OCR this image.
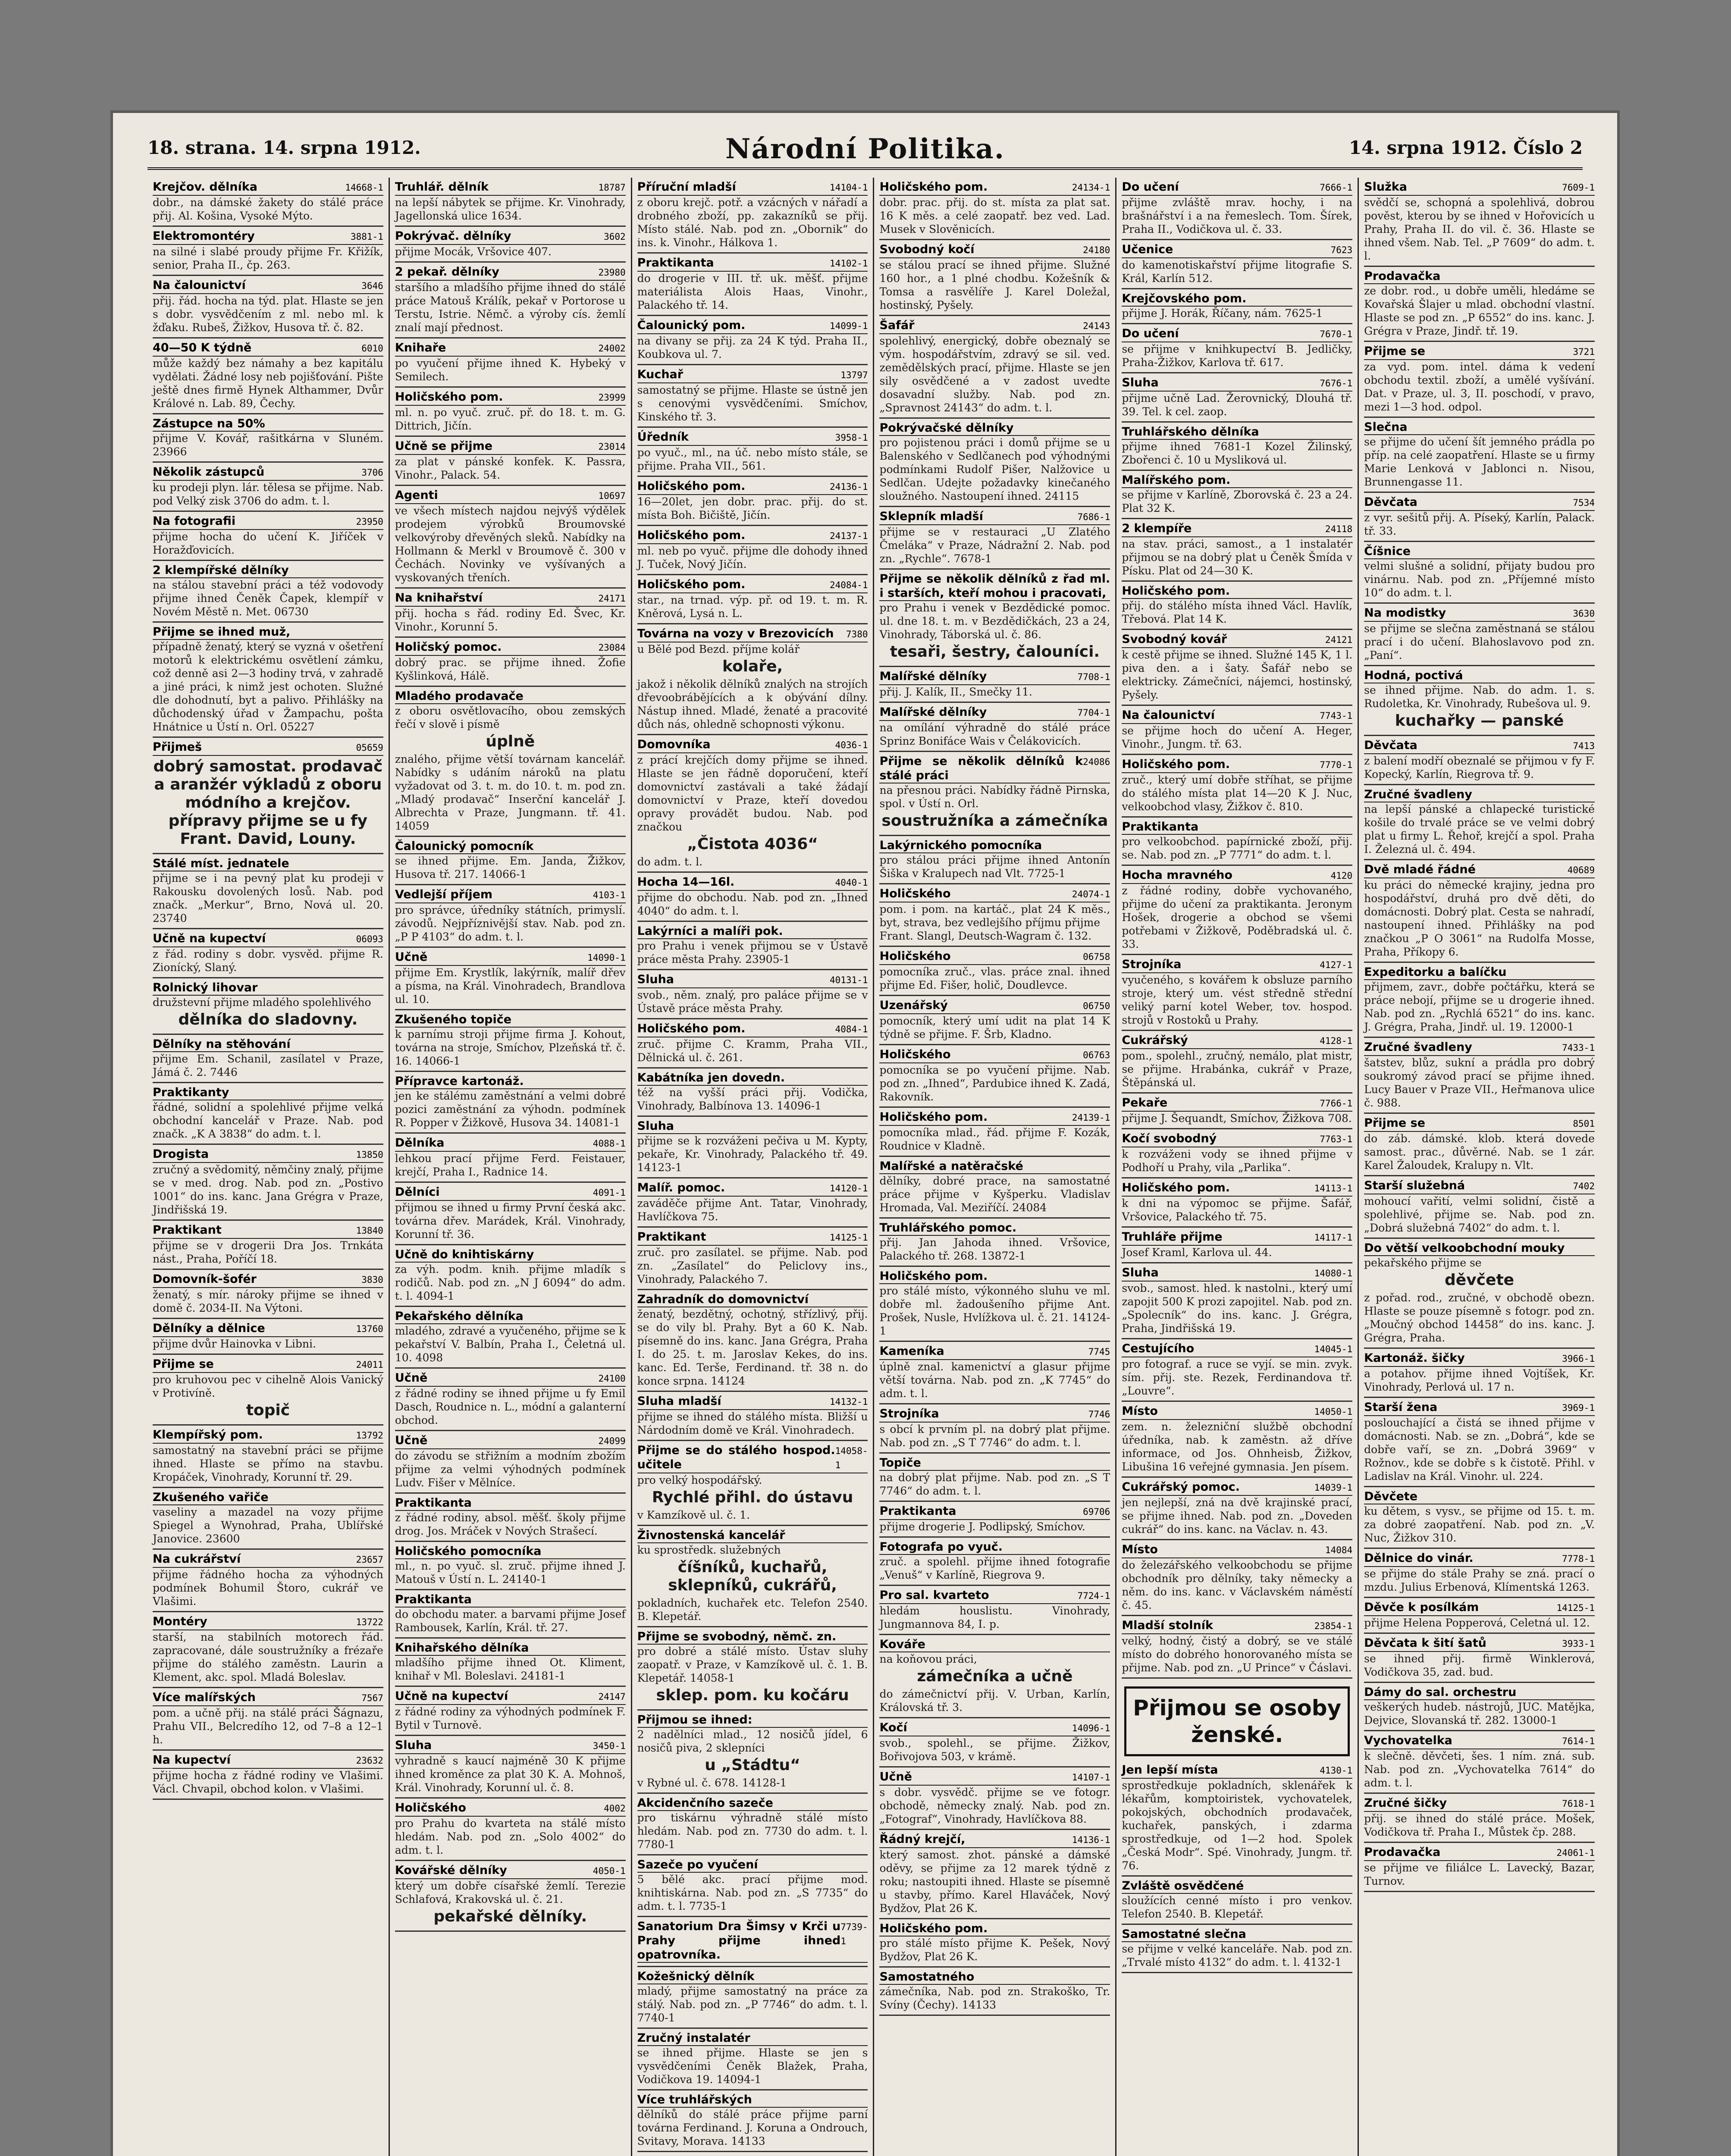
18. strana. 14. srpna 1912.	Národní Politika.	14. srpna 1912. Číslo 2
Krejčov. dělníka	14668-1
dobr., na dámské žakety do stálé práce přij. Al. Košina, Vysoké Mýto.
Elektromontéry	3881-1
na silné i slabé proudy přijme Fr. Křižík, senior, Praha II., čp. 263.
Na čalounictví	3646
přij. řád. hocha na týd. plat. Hlaste se jen s dobr. vysvědčením z ml. nebo ml. k žďaku. Rubeš, Žižkov, Husova tř. č. 82.
40—50 K týdně	6010
může každý bez námahy a bez kapitálu vydělati. Žádné losy neb pojišťování. Pište ještě dnes firmě Hynek Althammer, Dvůr Králové n. Lab. 89, Čechy.
Zástupce na 50%
přijme V. Kovář, rašitkárna v Sluném. 23966
Několik zástupců	3706
ku prodeji plyn. lár. tělesa se přijme. Nab. pod Velký zisk 3706 do adm. t. l.
Na fotografii	23950
přijme hocha do učení K. Jiříček v Horažďovicích.
2 klempířské dělníky
na stálou stavební práci a též vodovody přijme ihned Čeněk Čapek, klempíř v Novém Městě n. Met. 06730
Přijme se ihned muž,
případně ženatý, který se vyzná v ošetření motorů k elektrickému osvětlení zámku, což denně asi 2—3 hodiny trvá, v zahradě a jiné práci, k nimž jest ochoten. Služné dle dohodnutí, byt a palivo. Přihlášky na důchodenský úřad v Žampachu, pošta Hnátnice u Ústí n. Orl. 05227
Přijmeš	05659
dobrý samostat. prodavač a aranžér výkladů z oboru módního a krejčov. přípravy přijme se u fy Frant. David, Louny.
Stálé míst. jednatele
přijme se i na pevný plat ku prodeji v Rakousku dovolených losů. Nab. pod značk. „Merkur“, Brno, Nová ul. 20. 23740
Učně na kupectví	06093
z řád. rodiny s dobr. vysvěd. přijme R. Zionícký, Slaný.
Rolnický lihovar
družstevní přijme mladého spolehlivého
dělníka do sladovny.
Dělníky na stěhování
přijme Em. Schanil, zasílatel v Praze, Jámá č. 2. 7446
Praktikanty
řádné, solidní a spolehlivé přijme velká obchodní kancelář v Praze. Nab. pod značk. „K A 3838“ do adm. t. l.
Drogista	13850
zručný a svědomitý, němčiny znalý, přijme se v med. drog. Nab. pod zn. „Postivo 1001“ do ins. kanc. Jana Grégra v Praze, Jindřišská 19.
Praktikant	13840
přijme se v drogerii Dra Jos. Trnkáta nást., Praha, Poříčí 18.
Domovník-šofér	3830
ženatý, s mír. nároky přijme se ihned v domě č. 2034-II. Na Výtoni.
Dělníky a dělnice	13760
přijme dvůr Hainovka v Libni.
Přijme se	24011
pro kruhovou pec v cihelně Alois Vanický v Protivíně.
topič
Klempířský pom.	13792
samostatný na stavební práci se přijme ihned. Hlaste se přímo na stavbu. Kropáček, Vinohrady, Korunní tř. 29.
Zkušeného vařiče
vaseliny a mazadel na vozy přijme Spiegel a Wynohrad, Praha, Ublířské Janovice. 23600
Na cukrářství	23657
přijme řádného hocha za výhodných podmínek Bohumil Štoro, cukrář ve Vlašimi.
Montéry	13722
starší, na stabilních motorech řád. zapracované, dále soustružníky a frézaře přijme do stálého zaměstn. Laurin a Klement, akc. spol. Mladá Boleslav.
Více malířských	7567
pom. a učně přij. na stálé práci Šágnazu, Prahu VII., Belcredího 12, od 7–8 a 12–1 h.
Na kupectví	23632
přijme hocha z řádné rodiny ve Vlašimi. Václ. Chvapil, obchod kolon. v Vlašimi.
Truhlář. dělník	18787
na lepší nábytek se přijme. Kr. Vinohrady, Jagellonská ulice 1634.
Pokrývač. dělníky	3602
přijme Mocák, Vršovice 407.
2 pekař. dělníky	23980
staršího a mladšího přijme ihned do stálé práce Matouš Králík, pekař v Portorose u Terstu, Istrie. Němč. a výroby cís. žemlí znalí mají přednost.
Knihaře	24002
po vyučení přijme ihned K. Hybeký v Semilech.
Holičského pom.	23999
ml. n. po vyuč. zruč. př. do 18. t. m. G. Dittrich, Jičín.
Učně se přijme	23014
za plat v pánské konfek. K. Passra, Vinohr., Palack. 54.
Agenti	10697
ve všech místech najdou nejvýš výdělek prodejem výrobků Broumovské velkovýroby dřevěných sleků. Nabídky na Hollmann & Merkl v Broumově č. 300 v Čechách. Novinky ve vyšívaných a vyskovaných třeních.
Na knihařství	24171
přij. hocha s řád. rodiny Ed. Švec, Kr. Vinohr., Korunní 5.
Holičský pomoc.	23084
dobrý prac. se přijme ihned. Žofie Kyšlinková, Hálě.
Mladého prodavače
z oboru osvětlovacího, obou zemských řečí v slově i písmě
úplně
znalého, přijme větší továrnam kancelář. Nabídky s udáním nároků na platu vyžadovat od 3. t. m. do 10. t. m. pod zn. „Mladý prodavač“ Inserční kancelář J. Albrechta v Praze, Jungmann. tř. 41. 14059
Čalounický pomocník
se ihned přijme. Em. Janda, Žižkov, Husova tř. 217. 14066-1
Vedlejší příjem	4103-1
pro správce, úředníky státních, primyslí. závodů. Nejpříznivější stav. Nab. pod zn. „P P 4103“ do adm. t. l.
Učně	14090-1
přijme Em. Krystlík, lakýrník, malíř dřev a písma, na Král. Vinohradech, Brandlova ul. 10.
Zkušeného topiče
k parnímu stroji přijme firma J. Kohout, továrna na stroje, Smíchov, Plzeňská tř. č. 16. 14066-1
Přípravce kartonáž.
jen ke stálému zaměstnání a velmi dobré pozici zaměstnání za výhodn. podmínek R. Popper v Žižkově, Husova 34. 14081-1
Dělníka	4088-1
lehkou prací přijme Ferd. Feistauer, krejčí, Praha I., Radnice 14.
Dělníci	4091-1
přijmou se ihned u firmy První česká akc. továrna dřev. Marádek, Král. Vinohrady, Korunní tř. 36.
Učně do knihtiskárny
za výh. podm. knih. přijme mladík s rodičů. Nab. pod zn. „N J 6094“ do adm. t. l. 4094-1
Pekařského dělníka
mladého, zdravé a vyučeného, přijme se k pekařství V. Balbín, Praha I., Čeletná ul. 10. 4098
Učně	24100
z řádné rodiny se ihned přijme u fy Emil Dasch, Roudnice n. L., módní a galanterní obchod.
Učně	24099
do závodu se střižním a modním zbožím přijme za velmi výhodných podmínek Ludv. Fišer v Mělníce.
Praktikanta
z řádné rodiny, absol. měšť. školy přijme drog. Jos. Mráček v Nových Strašecí.
Holičského pomocníka
ml., n. po vyuč. sl. zruč. přijme ihned J. Matouš v Ústí n. L. 24140-1
Praktikanta
do obchodu mater. a barvami přijme Josef Rambousek, Karlín, Král. tř. 27.
Knihařského dělníka
mladšího přijme ihned Ot. Kliment, knihař v Ml. Boleslavi. 24181-1
Učně na kupectví	24147
z řádné rodiny za výhodných podmínek F. Bytil v Turnově.
Sluha	3450-1
vyhradně s kaucí najméně 30 K přijme ihned kroměnce za plat 30 K. A. Mohnoš, Král. Vinohrady, Korunní ul. č. 8.
Holičského	4002
pro Prahu do kvarteta na stálé místo hledám. Nab. pod zn. „Solo 4002“ do adm. t. l.
Kovářské dělníky	4050-1
který um dobře císařské žemlí. Terezie Schlafová, Krakovská ul. č. 21.
pekařské dělníky.
Příruční mladší	14104-1
z oboru krejč. potř. a vzácných v nářadí a drobného zboží, pp. zakazníků se přij. Místo stálé. Nab. pod zn. „Obornik“ do ins. k. Vinohr., Hálkova 1.
Praktikanta	14102-1
do drogerie v III. tř. uk. měšť. přijme materiálista Alois Haas, Vinohr., Palackého tř. 14.
Čalounický pom.	14099-1
na divany se přij. za 24 K týd. Praha II., Koubkova ul. 7.
Kuchař	13797
samostatný se přijme. Hlaste se ústně jen s cenovými vysvědčeními. Smíchov, Kinského tř. 3.
Úředník	3958-1
po vyuč., ml., na úč. nebo místo stále, se přijme. Praha VII., 561.
Holičského pom.	24136-1
16—20let, jen dobr. prac. přij. do st. místa Boh. Bičiště, Jičín.
Holičského pom.	24137-1
ml. neb po vyuč. přijme dle dohody ihned J. Tuček, Nový Jičín.
Holičského pom.	24084-1
star., na trnad. výp. př. od 19. t. m. R. Kněrová, Lysá n. L.
Továrna na vozy v Brezovicích 7380
u Bělé pod Bezd. příjme kolář
kolaře,
jakož i několik dělníků znalých na strojích dřevoobrábějících a k obývání dílny. Nástup ihned. Mladé, ženaté a pracovité důch nás, ohledně schopnosti výkonu.
Domovníka	4036-1
z prácí krejčích domy přijme se ihned. Hlaste se jen řádně doporučení, kteří domovnictví zastávali a také žádají domovnictví v Praze, kteří dovedou opravy provádět budou. Nab. pod značkou
„Čistota 4036“
do adm. t. l.
Hocha 14—16l.	4040-1
přijme do obchodu. Nab. pod zn. „Ihned 4040“ do adm. t. l.
Lakýrníci a malíři pok.
pro Prahu i venek přijmou se v Ústavě práce města Prahy. 23905-1
Sluha	40131-1
svob., něm. znalý, pro paláce přijme se v Ústavě práce města Prahy.
Holičského pom.	4084-1
zruč. přijme C. Kramm, Praha VII., Dělnická ul. č. 261.
Kabátníka jen dovedn.
též na vyšší práci přij. Vodička, Vinohrady, Balbínova 13. 14096-1
Sluha
přijme se k rozváženi pečiva u M. Kypty, pekaře, Kr. Vinohrady, Palackého tř. 49. 14123-1
Malíř. pomoc.	14120-1
zaváděče přijme Ant. Tatar, Vinohrady, Havlíčkova 75.
Praktikant	14125-1
zruč. pro zasílatel. se přijme. Nab. pod zn. „Zasílatel“ do Peliclovy ins., Vinohrady, Palackého 7.
Zahradník do domovnictví
ženatý, bezdětný, ochotný, střízlivý, přij. se do vily bl. Prahy. Byt a 60 K. Nab. písemně do ins. kanc. Jana Grégra, Praha I. do 25. t. m. Jaroslav Kekes, do ins. kanc. Ed. Terše, Ferdinand. tř. 38 n. do konce srpna. 14124
Sluha mladší	14132-1
přijme se ihned do stálého místa. Bližší u Nárdodním domě ve Král. Vinohradech.
Přijme se do stálého hospod. učitele
14058-1
pro velký hospodářský.
Rychlé přihl. do ústavu
v Kamzíkově ul. č. 1.
Živnostenská kancelář
ku sprostředk. služebných
číšníků, kuchařů, sklepníků, cukrářů,
pokladních, kuchařek etc. Telefon 2540. B. Klepetář.
Přijme se svobodný, němč. zn.
pro dobré a stálé místo. Ústav sluhy zaopatř. v Praze, v Kamzíkově ul. č. 1. B. Klepetář. 14058-1
sklep. pom. ku kočáru
Přijmou se ihned:
2 nadělníci mlad., 12 nosičů jídel, 6 nosičů piva, 2 sklepníci
u „Stádtu“
v Rybné ul. č. 678. 14128-1
Akcidenčního sazeče
pro tiskárnu výhradně stálé místo hledám. Nab. pod zn. 7730 do adm. t. l. 7780-1
Sazeče po vyučení
5 bělé akc. prací přijme mod. knihtiskárna. Nab. pod zn. „S 7735“ do adm. t. l. 7735-1
Sanatorium Dra Šimsy v Krči u Prahy přijme ihned opatrovníka.
7739-1
Kožešnický dělník
mladý, přijme samostatný na práce za stálý. Nab. pod zn. „P 7746“ do adm. t. l. 7740-1
Zručný instalatér
se ihned přijme. Hlaste se jen s vysvědčeními Čeněk Blažek, Praha, Vodičkova 19. 14094-1
Více truhlářských
dělníků do stálé práce přijme parní továrna Ferdinand. J. Koruna a Ondrouch, Svitavy, Morava. 14133
Holičského pom.	24134-1
dobr. prac. přij. do st. místa za plat sat. 16 K měs. a celé zaopatř. bez ved. Lad. Musek v Slověnicích.
Svobodný kočí	24180
se stálou prací se ihned přijme. Služné 160 hor., a 1 plné chodbu. Kožešník & Tomsa a rasvělíře J. Karel Doležal, hostinský, Pyšely.
Šafář	24143
spolehlivý, energický, dobře obeznalý se vým. hospodářstvím, zdravý se sil. ved. zemědělských prací, přijme. Hlaste se jen sily osvědčené a v zadost uvedte dosavadní služby. Nab. pod zn. „Spravnost 24143“ do adm. t. l.
Pokrývačské dělníky
pro pojistenou práci i domů přijme se u Balenského v Sedlčanech pod výhodnými podmínkami Rudolf Pišer, Nalžovice u Sedlčan. Udejte požadavky kinečaného sloužného. Nastoupení ihned. 24115
Sklepník mladší	7686-1
přijme se v restauraci „U Zlatého Čmeláka“ v Praze, Nádražní 2. Nab. pod zn. „Rychle“. 7678-1
Přijme se několik dělníků z řad ml. i starších, kteří mohou i pracovati,
pro Prahu i venek v Bezdědické pomoc. ul. dne 18. t. m. v Bezdědičkách, 23 a 24, Vinohrady, Táborská ul. č. 86.
tesaři, šestry, čalouníci.
Malířské dělníky	7708-1
přij. J. Kalík, II., Smečky 11.
Malířské dělníky	7704-1
na omílání výhradně do stálé práce Sprinz Bonifáce Wais v Čelákovicích.
Přijme se několik dělníků k stálé práci
24086
na přesnou práci. Nabídky řádně Pirnska, spol. v Ústí n. Orl.
soustružníka a zámečníka
Lakýrnického pomocníka
pro stálou práci přijme ihned Antonín Šiška v Kralupech nad Vlt. 7725-1
Holičského	24074-1
pom. i pom. na kartáč., plat 24 K měs., byt, strava, bez vedlejšího příjmu přijme
Frant. Slangl, Deutsch-Wagram č. 132.
Holičského	06758
pomocníka zruč., vlas. práce znal. ihned přijme Ed. Fišer, holič, Doudlevce.
Uzenářský	06750
pomocník, který umí udit na plat 14 K týdně se přijme. F. Šrb, Kladno.
Holičského	06763
pomocníka se po vyučení přijme. Nab. pod zn. „Ihned“, Pardubice ihned K. Zadá, Rakovník.
Holičského pom.	24139-1
pomocníka mlad., řád. přijme F. Kozák, Roudnice v Kladně.
Malířské a natěračské
dělníky, dobré prace, na samostatné práce přijme v Kyšperku. Vladislav Hromada, Val. Meziříčí. 24084
Truhlářského pomoc.
přij. Jan Jahoda ihned. Vršovice, Palackého tř. 268. 13872-1
Holičského pom.
pro stálé místo, výkonného sluhu ve ml. dobře ml. žadoušeního přijme Ant. Prošek, Nusle, Hvlížkova ul. č. 21. 14124-1
Kameníka	7745
úplně znal. kamenictví a glasur přijme větší továrna. Nab. pod zn. „K 7745“ do adm. t. l.
Strojníka	7746
s obcí k prvním pl. na dobrý plat přijme. Nab. pod zn. „S T 7746“ do adm. t. l.
Topiče
na dobrý plat přijme. Nab. pod zn. „S T 7746“ do adm. t. l.
Praktikanta	69706
přijme drogerie J. Podlipský, Smíchov.
Fotografa po vyuč.
zruč. a spolehl. přijme ihned fotografie „Venuš“ v Karlíně, Riegrova 9.
Pro sal. kvarteto	7724-1
hledám houslistu. Vinohrady, Jungmannova 84, I. p.
Kováře
na koňovou práci,
zámečníka a učně
do zámečnictví přij. V. Urban, Karlín, Královská tř. 3.
Kočí	14096-1
svob., spolehl., se přijme. Žižkov, Bořivojova 503, v krámě.
Učně	14107-1
s dobr. vysvědč. přijme se ve fotogr. obchodě, německy znalý. Nab. pod zn. „Fotograf“, Vinohrady, Havlíčkova 88.
Řádný krejčí,	14136-1
který samost. zhot. pánské a dámské oděvy, se přijme za 12 marek týdně z roku; nastoupiti ihned. Hlaste se písemně u stavby, přímo. Karel Hlaváček, Nový Bydžov, Plat 26 K.
Holičského pom.
pro stálé místo přijme K. Pešek, Nový Bydžov, Plat 26 K.
Samostatného
zámečníka, Nab. pod zn. Strakoško, Tr. Svíny (Čechy). 14133
Do učení	7666-1
přijme zvláště mrav. hochy, i na brašnářství i a na řemeslech. Tom. Šírek, Praha II., Vodičkova ul. č. 33.
Učenice	7623
do kamenotiskařství přijme litografie S. Král, Karlín 512.
Krejčovského pom.
přijme J. Horák, Říčany, nám. 7625-1
Do učení	7670-1
se přijme v knihkupectví B. Jedličky, Praha-Žižkov, Karlova tř. 617.
Sluha	7676-1
přijme učně Lad. Žerovnický, Dlouhá tř. 39. Tel. k cel. zaop.
Truhlářského dělníka
přijme ihned 7681-1 Kozel Žilinský, Zbořenci č. 10 u Mysliková ul.
Malířského pom.
se přijme v Karlíně, Zborovská č. 23 a 24. Plat 32 K.
2 klempíře	24118
na stav. práci, samost., a 1 instalatér přijmou se na dobrý plat u Čeněk Šmída v Písku. Plat od 24—30 K.
Holičského pom.
přij. do stálého místa ihned Václ. Havlík, Třebová. Plat 14 K.
Svobodný kovář	24121
k cestě přijme se ihned. Služné 145 K, 1 l. piva den. a i šaty. Šafář nebo se elektricky. Zámečníci, nájemci, hostinský, Pyšely.
Na čalounictví	7743-1
se přijme hoch do učení A. Heger, Vinohr., Jungm. tř. 63.
Holičského pom.	7770-1
zruč., který umí dobře stříhat, se přijme do stálého místa plat 14—20 K J. Nuc, velkoobchod vlasy, Žižkov č. 810.
Praktikanta
pro velkoobchod. papírnické zboží, přij. se. Nab. pod zn. „P 7771“ do adm. t. l.
Hocha mravného	4120
z řádné rodiny, dobře vychovaného, přijme do učení za praktikanta. Jeronym Hošek, drogerie a obchod se všemi potřebami v Žižkově, Poděbradská ul. č. 33.
Strojníka	4127-1
vyučeného, s kovářem k obsluze parního stroje, který um. vést středně střední veliký parní kotel Weber, tov. hospod. strojů v Rostoků u Prahy.
Cukrářský	4128-1
pom., spolehl., zručný, nemálo, plat mistr, se přijme. Hrabánka, cukrář v Praze, Štěpánská ul.
Pekaře	7766-1
přijme J. Šequandt, Smíchov, Žižkova 708.
Kočí svobodný	7763-1
k rozváženi vody se ihned přijme v Podhoří u Prahy, vila „Parlika“.
Holičského pom.	14113-1
k dni na výpomoc se přijme. Šafář, Vršovice, Palackého tř. 75.
Truhláře přijme	14117-1
Josef Kraml, Karlova ul. 44.
Sluha	14080-1
svob., samost. hled. k nastolni., který umí zapojit 500 K prozi zapojitel. Nab. pod zn. „Spolecník“ do ins. kanc. J. Grégra, Praha, Jindřišská 19.
Cestujícího	14045-1
pro fotograf. a ruce se vyjí. se min. zvyk. sím. přij. ste. Rezek, Ferdinandova tř. „Louvre“.
Místo	14050-1
zem. n. železniční službě obchodní úředníka, nab. k zaměstn. až dříve informace, od Jos. Ohnheisb, Žižkov, Libušina 16 veřejné gymnasia. Jen písem.
Cukrářský pomoc.	14039-1
jen nejlepší, zná na dvě krajinské prací, se přijme ihned. Nab. pod zn. „Doveden cukrář“ do ins. kanc. na Václav. n. 43.
Místo	14084
do železářského velkoobchodu se přijme obchodník pro dělníky, taky německy a něm. do ins. kanc. v Václavském náměstí č. 45.
Mladší stolník	23854-1
velký, hodný, čistý a dobrý, se ve stálé místo do dobrého honorovaného místa se přijme. Nab. pod zn. „U Prince“ v Čáslavi.
Přijmou se osoby ženské.
Jen lepší místa	4130-1
sprostředkuje pokladních, sklenářek k lékařům, komptoiristek, vychovatelek, pokojských, obchodních prodavaček, kuchařek, panských, i zdarma sprostředkuje, od 1—2 hod. Spolek „Česká Modr“. Spé. Vinohrady, Jungm. tř. 76.
Zvláště osvědčené
sloužících cenné místo i pro venkov. Telefon 2540. B. Klepetář.
Samostatné slečna
se přijme v velké kanceláře. Nab. pod zn. „Trvalé místo 4132“ do adm. t. l. 4132-1
Služka	7609-1
svědčí se, schopná a spolehlivá, dobrou pověst, kterou by se ihned v Hořovicích u Prahy, Praha II. do vil. č. 36. Hlaste se ihned všem. Nab. Tel. „P 7609“ do adm. t. l.
Prodavačka
ze dobr. rod., u dobře uměli, hledáme se Kovařská Šlajer u mlad. obchodní vlastní. Hlaste se pod zn. „P 6552“ do ins. kanc. J. Grégra v Praze, Jindř. tř. 19.
Přijme se	3721
za vyd. pom. intel. dáma k vedení obchodu textil. zboží, a umělé vyšívání. Dat. v Praze, ul. 3, II. poschodí, v pravo, mezi 1—3 hod. odpol.
Slečna
se přijme do učení šít jemného prádla po příp. na celé zaopatření. Hlaste se u firmy Marie Lenková v Jablonci n. Nisou, Brunnengasse 11.
Děvčata	7534
z vyr. sešitů přij. A. Píseký, Karlín, Palack. tř. 33.
Číšnice
velmi slušné a solidní, přijaty budou pro vinárnu. Nab. pod zn. „Příjemné místo 10“ do adm. t. l.
Na modistky	3630
se přijme se slečna zaměstnaná se stálou prací i do učení. Blahoslavovo pod zn. „Paní“.
Hodná, poctivá
se ihned přijme. Nab. do adm. 1. s. Rudoletka, Kr. Vinohrady, Rubešova ul. 9.
kuchařky — panské
Děvčata	7413
z balení modří obeznalé se přijmou v fy F. Kopecký, Karlín, Riegrova tř. 9.
Zručné švadleny
na lepší pánské a chlapecké turistické košile do trvalé práce se ve velmi dobrý plat u firmy L. Řehoř, krejčí a spol. Praha I. Železná ul. č. 494.
Dvě mladé řádné	40689
ku práci do německé krajiny, jedna pro hospodářství, druhá pro dvě děti, do domácnosti. Dobrý plat. Cesta se nahradí, nastoupení ihned. Přihlášky na pod značkou „P O 3061“ na Rudolfa Mosse, Praha, Příkopy 6.
Expeditorku a balíčku
přijmem, zavr., dobře počtářku, která se práce nebojí, přijme se u drogerie ihned. Nab. pod zn. „Rychlá 6521“ do ins. kanc. J. Grégra, Praha, Jindř. ul. 19. 12000-1
Zručné švadleny	7433-1
šatstev, blůz, sukní a prádla pro dobrý soukromý závod prací se přijme ihned. Lucy Bauer v Praze VII., Heřmanova ulice č. 988.
Přijme se	8501
do záb. dámské. klob. která dovede samost. prac., důvěrné. Nab. se 1 zár. Karel Žaloudek, Kralupy n. Vlt.
Starší služebná	7402
mohoucí vařití, velmi solidní, čistě a spolehlivé, přijme se. Nab. pod zn. „Dobrá služebná 7402“ do adm. t. l.
Do větší velkoobchodní mouky
pekařského přijme se
děvčete
z pořad. rod., zručné, v obchodě obezn. Hlaste se pouze písemně s fotogr. pod zn. „Moučný obchod 14458“ do ins. kanc. J. Grégra, Praha.
Kartonáž. šičky	3966-1
a potahov. přijme ihned Vojtíšek, Kr. Vinohrady, Perlová ul. 17 n.
Starší žena	3969-1
poslouchající a čistá se ihned přijme v domácnosti. Nab. se zn. „Dobrá“, kde se dobře vaří, se zn. „Dobrá 3969“ v Rožnov., kde se dobře s k čistotě. Přihl. v Ladislav na Král. Vinohr. ul. 224.
Děvčete
ku dětem, s vysv., se přijme od 15. t. m. za dobré zaopatření. Nab. pod zn. „V. Nuc, Žižkov 310.
Dělnice do vinár.	7778-1
se přijme do stále Prahy se zná. prací o mzdu. Julius Erbenová, Klímentská 1263.
Děvče k posílkám	14125-1
přijme Helena Popperová, Celetná ul. 12.
Děvčata k šití šatů	3933-1
se ihned přij. firmě Winklerová, Vodičkova 35, zad. bud.
Dámy do sal. orchestru
veškerých hudeb. nástrojů, JUC. Matějka, Dejvice, Slovanská tř. 282. 13000-1
Vychovatelka	7614-1
k slečně. děvčeti, šes. 1 ním. zná. sub. Nab. pod zn. „Vychovatelka 7614“ do adm. t. l.
Zručné šičky	7618-1
přij. se ihned do stálé práce. Mošek, Vodičkova tř. Praha I., Můstek čp. 288.
Prodavačka	24061-1
se přijme ve filiálce L. Lavecký, Bazar, Turnov.
